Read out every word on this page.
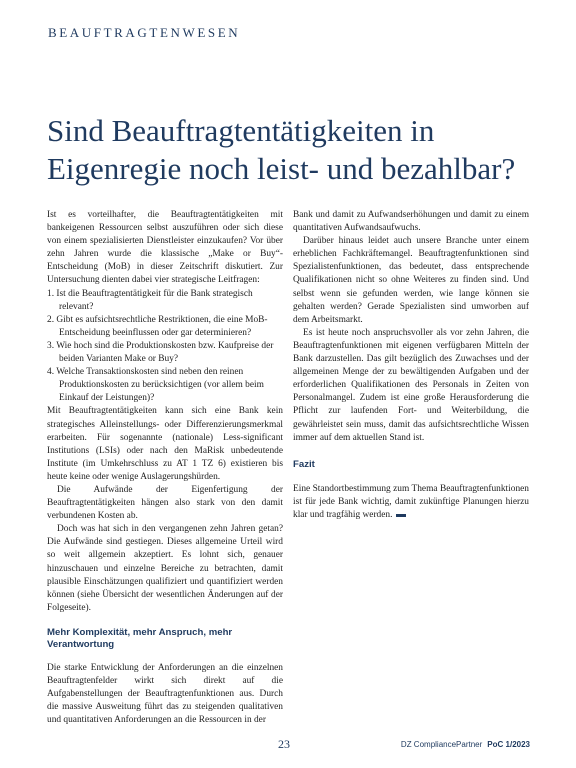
BEAUFTRAGTENWESEN
Sind Beauftragtentätigkeiten in Eigenregie noch leist- und bezahlbar?

Ist es vorteilhafter, die Beauftragtentätigkeiten mit bankeigenen Ressourcen selbst auszuführen oder sich diese von einem spezialisierten Dienstleister einzukaufen? Vor über zehn Jahren wurde die klassische „Make or Buy“-Entscheidung (MoB) in dieser Zeitschrift diskutiert. Zur Untersuchung dienten dabei vier strategische Leitfragen:

1. Ist die Beauftragtentätigkeit für die Bank strategisch relevant?
2. Gibt es aufsichtsrechtliche Restriktionen, die eine MoB-Entscheidung beeinflussen oder gar determinieren?
3. Wie hoch sind die Produktionskosten bzw. Kaufpreise der beiden Varianten Make or Buy?
4. Welche Transaktionskosten sind neben den reinen Produktionskosten zu berücksichtigen (vor allem beim Einkauf der Leistungen)?

Mit Beauftragtentätigkeiten kann sich eine Bank kein strategisches Alleinstellungs- oder Differenzierungsmerkmal erarbeiten. Für sogenannte (nationale) Less-significant Institutions (LSIs) oder nach den MaRisk unbedeutende Institute (im Umkehrschluss zu AT 1 TZ 6) existieren bis heute keine oder wenige Auslagerungshürden.

Die Aufwände der Eigenfertigung der Beauftragtentätigkeiten hängen also stark von den damit verbundenen Kosten ab.

Doch was hat sich in den vergangenen zehn Jahren getan? Die Aufwände sind gestiegen. Dieses allgemeine Urteil wird so weit allgemein akzeptiert. Es lohnt sich, genauer hinzuschauen und einzelne Bereiche zu betrachten, damit plausible Einschätzungen qualifiziert und quantifiziert werden können (siehe Übersicht der wesentlichen Änderungen auf der Folgeseite).

Mehr Komplexität, mehr Anspruch, mehr Verantwortung

Die starke Entwicklung der Anforderungen an die einzelnen Beauftragtenfelder wirkt sich direkt auf die Aufgabenstellungen der Beauftragtenfunktionen aus. Durch die massive Ausweitung führt das zu steigenden qualitativen und quantitativen Anforderungen an die Ressourcen in der

Bank und damit zu Aufwandserhöhungen und damit zu einem quantitativen Aufwandsaufwuchs.

Darüber hinaus leidet auch unsere Branche unter einem erheblichen Fachkräftemangel. Beauftragtenfunktionen sind Spezialistenfunktionen, das bedeutet, dass entsprechende Qualifikationen nicht so ohne Weiteres zu finden sind. Und selbst wenn sie gefunden werden, wie lange können sie gehalten werden? Gerade Spezialisten sind umworben auf dem Arbeitsmarkt.

Es ist heute noch anspruchsvoller als vor zehn Jahren, die Beauftragtenfunktionen mit eigenen verfügbaren Mitteln der Bank darzustellen. Das gilt bezüglich des Zuwachses und der allgemeinen Menge der zu bewältigenden Aufgaben und der erforderlichen Qualifikationen des Personals in Zeiten von Personalmangel. Zudem ist eine große Herausforderung die Pflicht zur laufenden Fort- und Weiterbildung, die gewährleistet sein muss, damit das aufsichtsrechtliche Wissen immer auf dem aktuellen Stand ist.

Fazit

Eine Standortbestimmung zum Thema Beauftragtenfunktionen ist für jede Bank wichtig, damit zukünftige Planungen hierzu klar und tragfähig werden.

23	DZ CompliancePartner PoC 1/2023
